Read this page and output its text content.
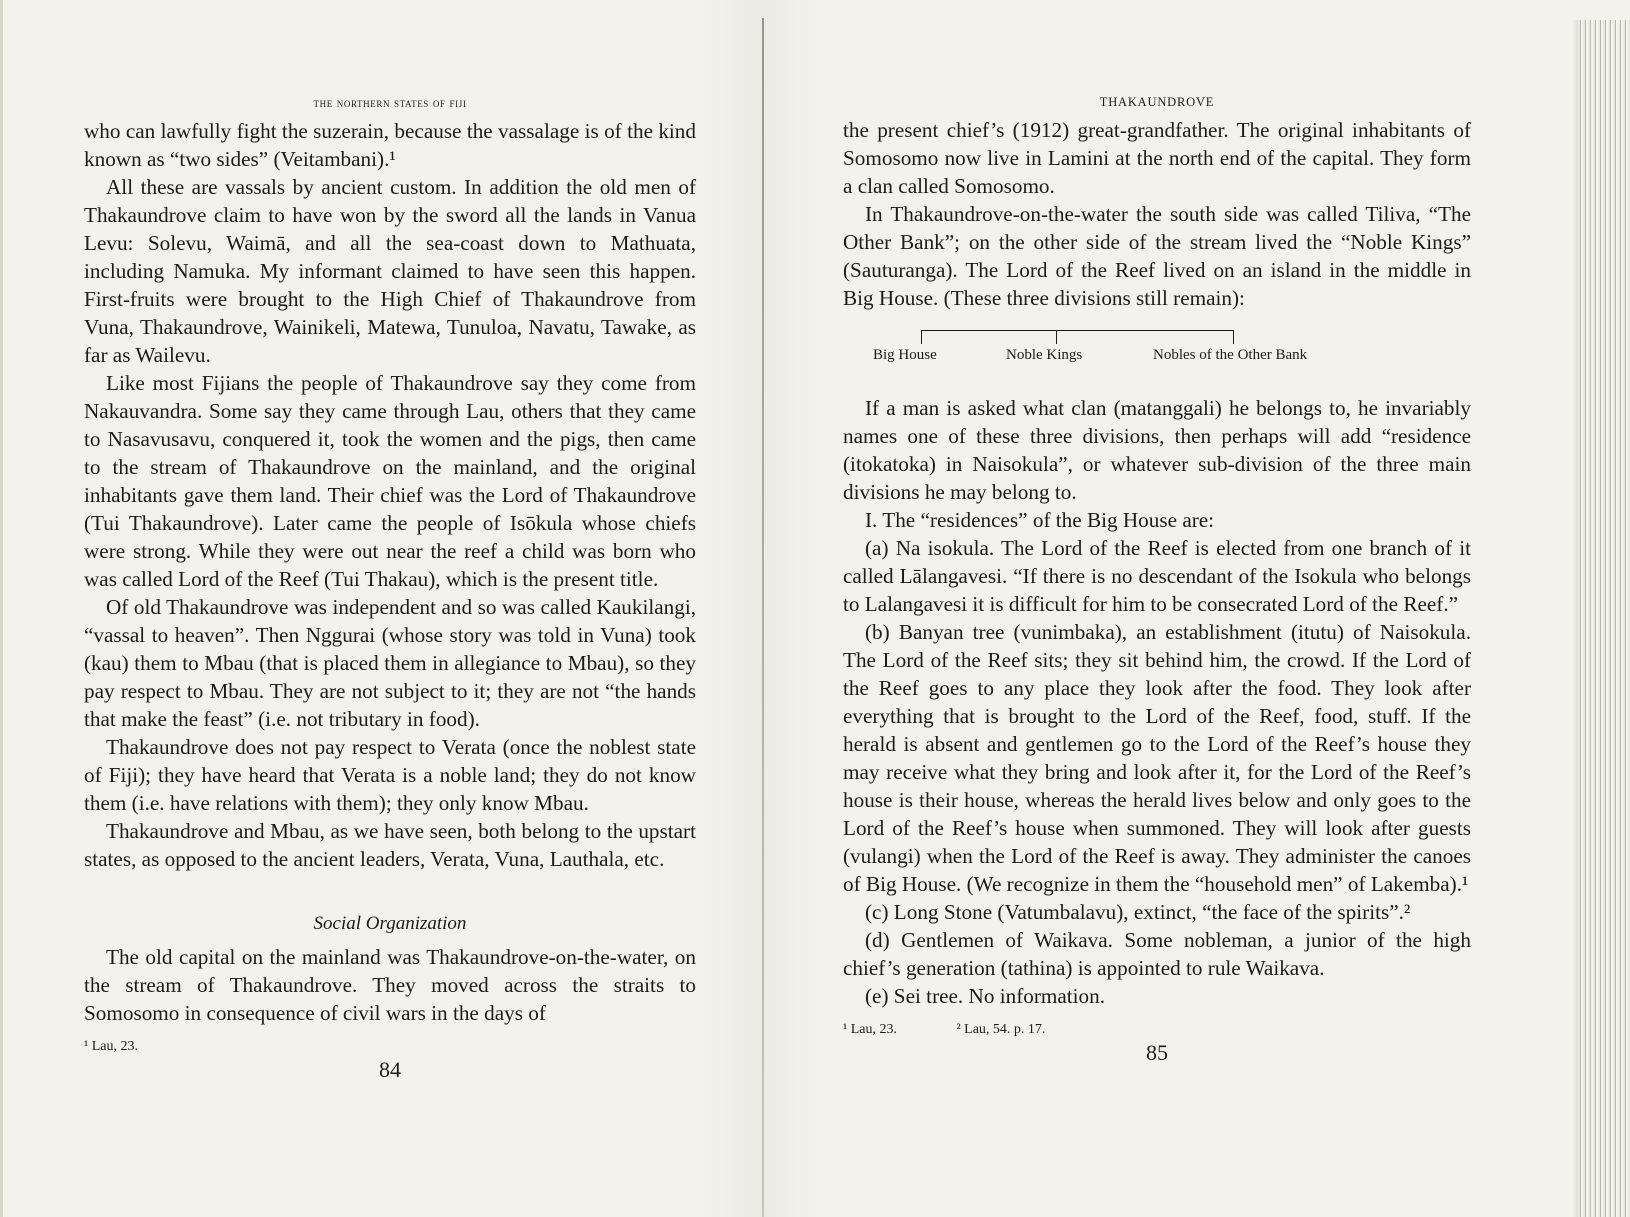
the northern states of fiji

who can lawfully fight the suzerain, because the vassalage is of the kind known as “two sides” (Veitambani).¹

All these are vassals by ancient custom. In addition the old men of Thakaundrove claim to have won by the sword all the lands in Vanua Levu: Solevu, Waimā, and all the sea-coast down to Mathuata, including Namuka. My informant claimed to have seen this happen. First-fruits were brought to the High Chief of Thakaundrove from Vuna, Thakaundrove, Wainikeli, Matewa, Tunuloa, Navatu, Tawake, as far as Wailevu.

Like most Fijians the people of Thakaundrove say they come from Nakauvandra. Some say they came through Lau, others that they came to Nasavusavu, conquered it, took the women and the pigs, then came to the stream of Thakaundrove on the mainland, and the original inhabitants gave them land. Their chief was the Lord of Thakaundrove (Tui Thakaundrove). Later came the people of Isōkula whose chiefs were strong. While they were out near the reef a child was born who was called Lord of the Reef (Tui Thakau), which is the present title.

Of old Thakaundrove was independent and so was called Kaukilangi, “vassal to heaven”. Then Nggurai (whose story was told in Vuna) took (kau) them to Mbau (that is placed them in allegiance to Mbau), so they pay respect to Mbau. They are not subject to it; they are not “the hands that make the feast” (i.e. not tributary in food).

Thakaundrove does not pay respect to Verata (once the noblest state of Fiji); they have heard that Verata is a noble land; they do not know them (i.e. have relations with them); they only know Mbau.

Thakaundrove and Mbau, as we have seen, both belong to the upstart states, as opposed to the ancient leaders, Verata, Vuna, Lauthala, etc.

Social Organization

The old capital on the mainland was Thakaundrove-on-the-water, on the stream of Thakaundrove. They moved across the straits to Somosomo in consequence of civil wars in the days of

¹ Lau, 23.
84
THAKAUNDROVE

the present chief’s (1912) great-grandfather. The original inhabitants of Somosomo now live in Lamini at the north end of the capital. They form a clan called Somosomo.

In Thakaundrove-on-the-water the south side was called Tiliva, “The Other Bank”; on the other side of the stream lived the “Noble Kings” (Sauturanga). The Lord of the Reef lived on an island in the middle in Big House. (These three divisions still remain):

Big House	Noble Kings	Nobles of the Other Bank

If a man is asked what clan (matanggali) he belongs to, he invariably names one of these three divisions, then perhaps will add “residence (itokatoka) in Naisokula”, or whatever sub-division of the three main divisions he may belong to.

I. The “residences” of the Big House are:

(a) Na isokula. The Lord of the Reef is elected from one branch of it called Lālangavesi. “If there is no descendant of the Isokula who belongs to Lalangavesi it is difficult for him to be consecrated Lord of the Reef.”

(b) Banyan tree (vunimbaka), an establishment (itutu) of Naisokula. The Lord of the Reef sits; they sit behind him, the crowd. If the Lord of the Reef goes to any place they look after the food. They look after everything that is brought to the Lord of the Reef, food, stuff. If the herald is absent and gentlemen go to the Lord of the Reef’s house they may receive what they bring and look after it, for the Lord of the Reef’s house is their house, whereas the herald lives below and only goes to the Lord of the Reef’s house when summoned. They will look after guests (vulangi) when the Lord of the Reef is away. They administer the canoes of Big House. (We recognize in them the “household men” of Lakemba).¹

(c) Long Stone (Vatumbalavu), extinct, “the face of the spirits”.²

(d) Gentlemen of Waikava. Some nobleman, a junior of the high chief’s generation (tathina) is appointed to rule Waikava.

(e) Sei tree. No information.

¹ Lau, 23.	² Lau, 54. p. 17.
85
